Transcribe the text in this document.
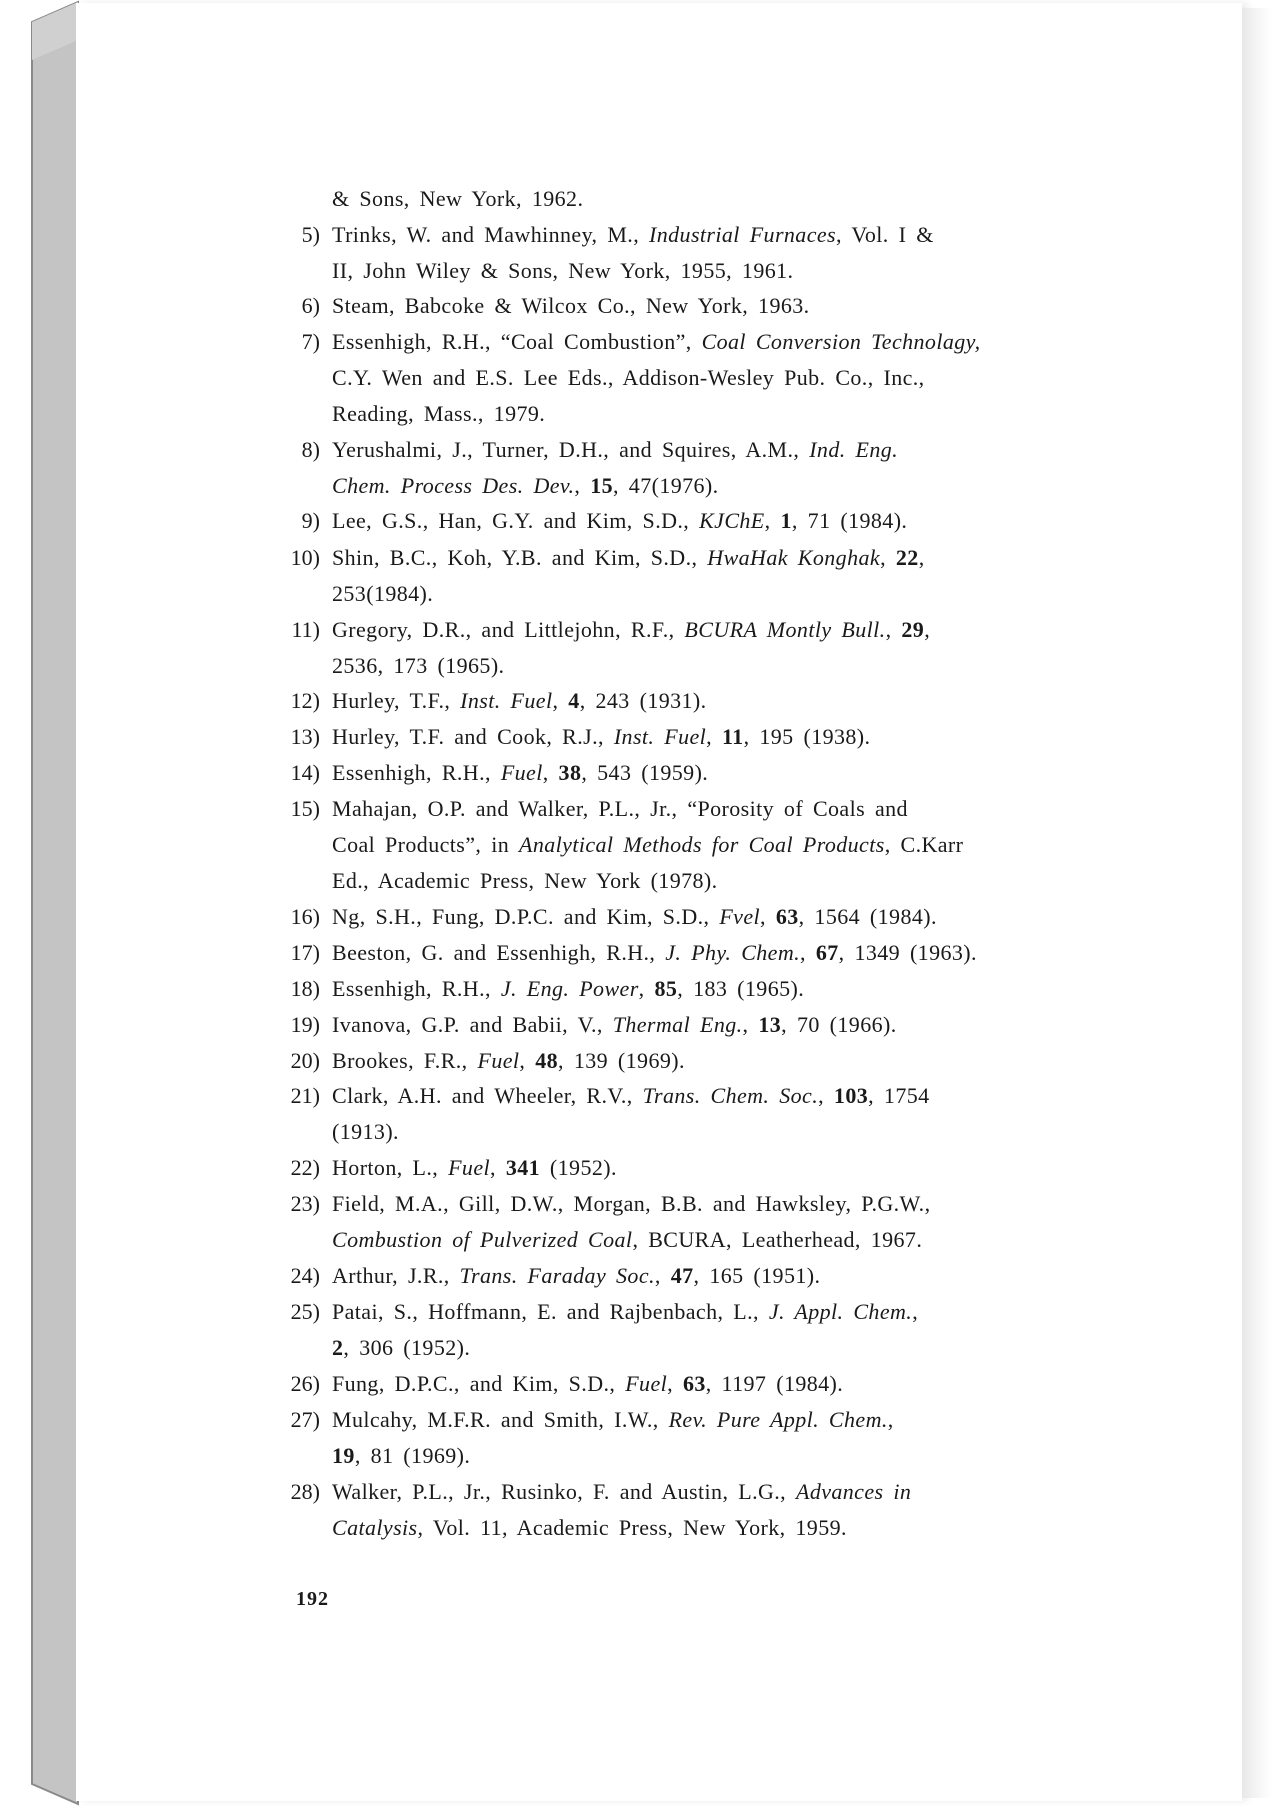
& Sons, New York, 1962.
5) Trinks, W. and Mawhinney, M., Industrial Furnaces, Vol. I &
II, John Wiley & Sons, New York, 1955, 1961.
6) Steam, Babcoke & Wilcox Co., New York, 1963.
7) Essenhigh, R.H., “Coal Combustion”, Coal Conversion Technolagy,
C.Y. Wen and E.S. Lee Eds., Addison-Wesley Pub. Co., Inc.,
Reading, Mass., 1979.
8) Yerushalmi, J., Turner, D.H., and Squires, A.M., Ind. Eng.
Chem. Process Des. Dev., 15, 47(1976).
9) Lee, G.S., Han, G.Y. and Kim, S.D., KJChE, 1, 71 (1984).
10) Shin, B.C., Koh, Y.B. and Kim, S.D., HwaHak Konghak, 22,
253(1984).
11) Gregory, D.R., and Littlejohn, R.F., BCURA Montly Bull., 29,
2536, 173 (1965).
12) Hurley, T.F., Inst. Fuel, 4, 243 (1931).
13) Hurley, T.F. and Cook, R.J., Inst. Fuel, 11, 195 (1938).
14) Essenhigh, R.H., Fuel, 38, 543 (1959).
15) Mahajan, O.P. and Walker, P.L., Jr., “Porosity of Coals and
Coal Products”, in Analytical Methods for Coal Products, C.Karr
Ed., Academic Press, New York (1978).
16) Ng, S.H., Fung, D.P.C. and Kim, S.D., Fvel, 63, 1564 (1984).
17) Beeston, G. and Essenhigh, R.H., J. Phy. Chem., 67, 1349 (1963).
18) Essenhigh, R.H., J. Eng. Power, 85, 183 (1965).
19) Ivanova, G.P. and Babii, V., Thermal Eng., 13, 70 (1966).
20) Brookes, F.R., Fuel, 48, 139 (1969).
21) Clark, A.H. and Wheeler, R.V., Trans. Chem. Soc., 103, 1754
(1913).
22) Horton, L., Fuel, 341 (1952).
23) Field, M.A., Gill, D.W., Morgan, B.B. and Hawksley, P.G.W.,
Combustion of Pulverized Coal, BCURA, Leatherhead, 1967.
24) Arthur, J.R., Trans. Faraday Soc., 47, 165 (1951).
25) Patai, S., Hoffmann, E. and Rajbenbach, L., J. Appl. Chem.,
2, 306 (1952).
26) Fung, D.P.C., and Kim, S.D., Fuel, 63, 1197 (1984).
27) Mulcahy, M.F.R. and Smith, I.W., Rev. Pure Appl. Chem.,
19, 81 (1969).
28) Walker, P.L., Jr., Rusinko, F. and Austin, L.G., Advances in
Catalysis, Vol. 11, Academic Press, New York, 1959.
192
